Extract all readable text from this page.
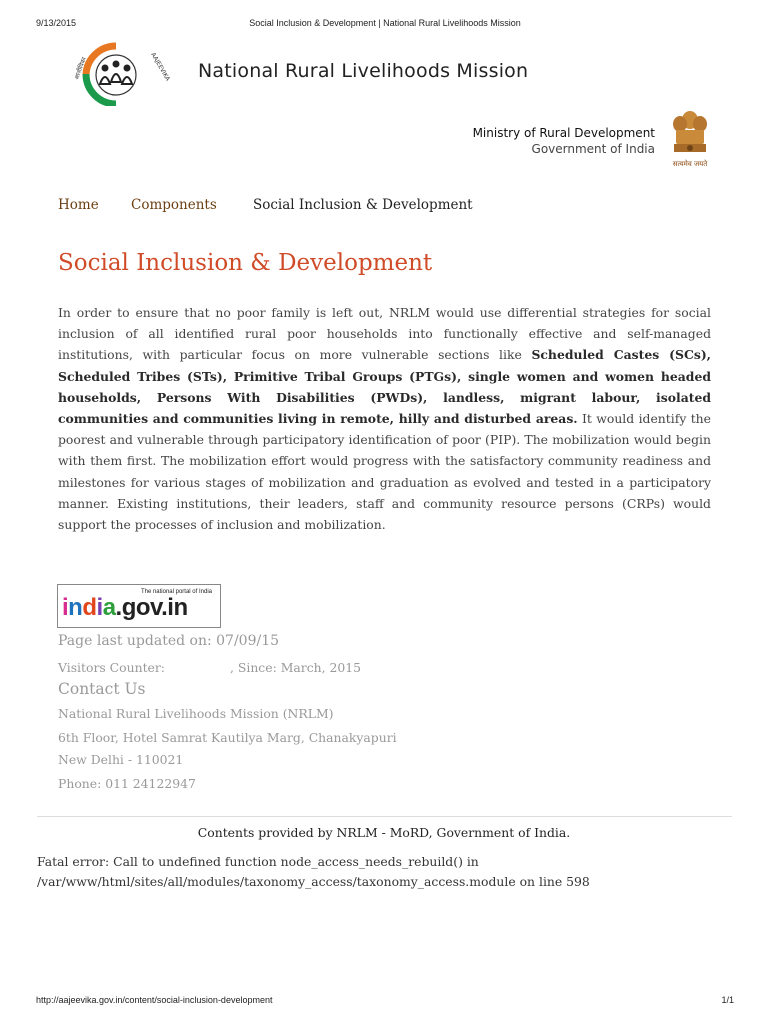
9/13/2015	Social Inclusion & Development | National Rural Livelihoods Mission
आजीविका	AAJEEVIKA National Rural Livelihoods Mission
Ministry of Rural Development
Government of India
सत्यमेव जयते
Home Components	Social Inclusion & Development
Social Inclusion & Development
In order to ensure that no poor family is left out, NRLM would use differential strategies for social inclusion of all identified rural poor households into functionally effective and self-managed institutions, with particular focus on more vulnerable sections like Scheduled Castes (SCs), Scheduled Tribes (STs), Primitive Tribal Groups (PTGs), single women and women headed households, Persons With Disabilities (PWDs), landless, migrant labour, isolated communities and communities living in remote, hilly and disturbed areas. It would identify the poorest and vulnerable through participatory identification of poor (PIP). The mobilization would begin with them first. The mobilization effort would progress with the satisfactory community readiness and milestones for various stages of mobilization and graduation as evolved and tested in a participatory manner. Existing institutions, their leaders, staff and community resource persons (CRPs) would support the processes of inclusion and mobilization.
The national portal of India
india.gov.in
Page last updated on: 07/09/15
Visitors Counter:	, Since: March, 2015
Contact Us
National Rural Livelihoods Mission (NRLM)
6th Floor, Hotel Samrat Kautilya Marg, Chanakyapuri
New Delhi - 110021
Phone: 011 24122947
Contents provided by NRLM - MoRD, Government of India.
Fatal error: Call to undefined function node_access_needs_rebuild() in /var/www/html/sites/all/modules/taxonomy_access/taxonomy_access.module on line 598
http://aajeevika.gov.in/content/social-inclusion-development	1/1
